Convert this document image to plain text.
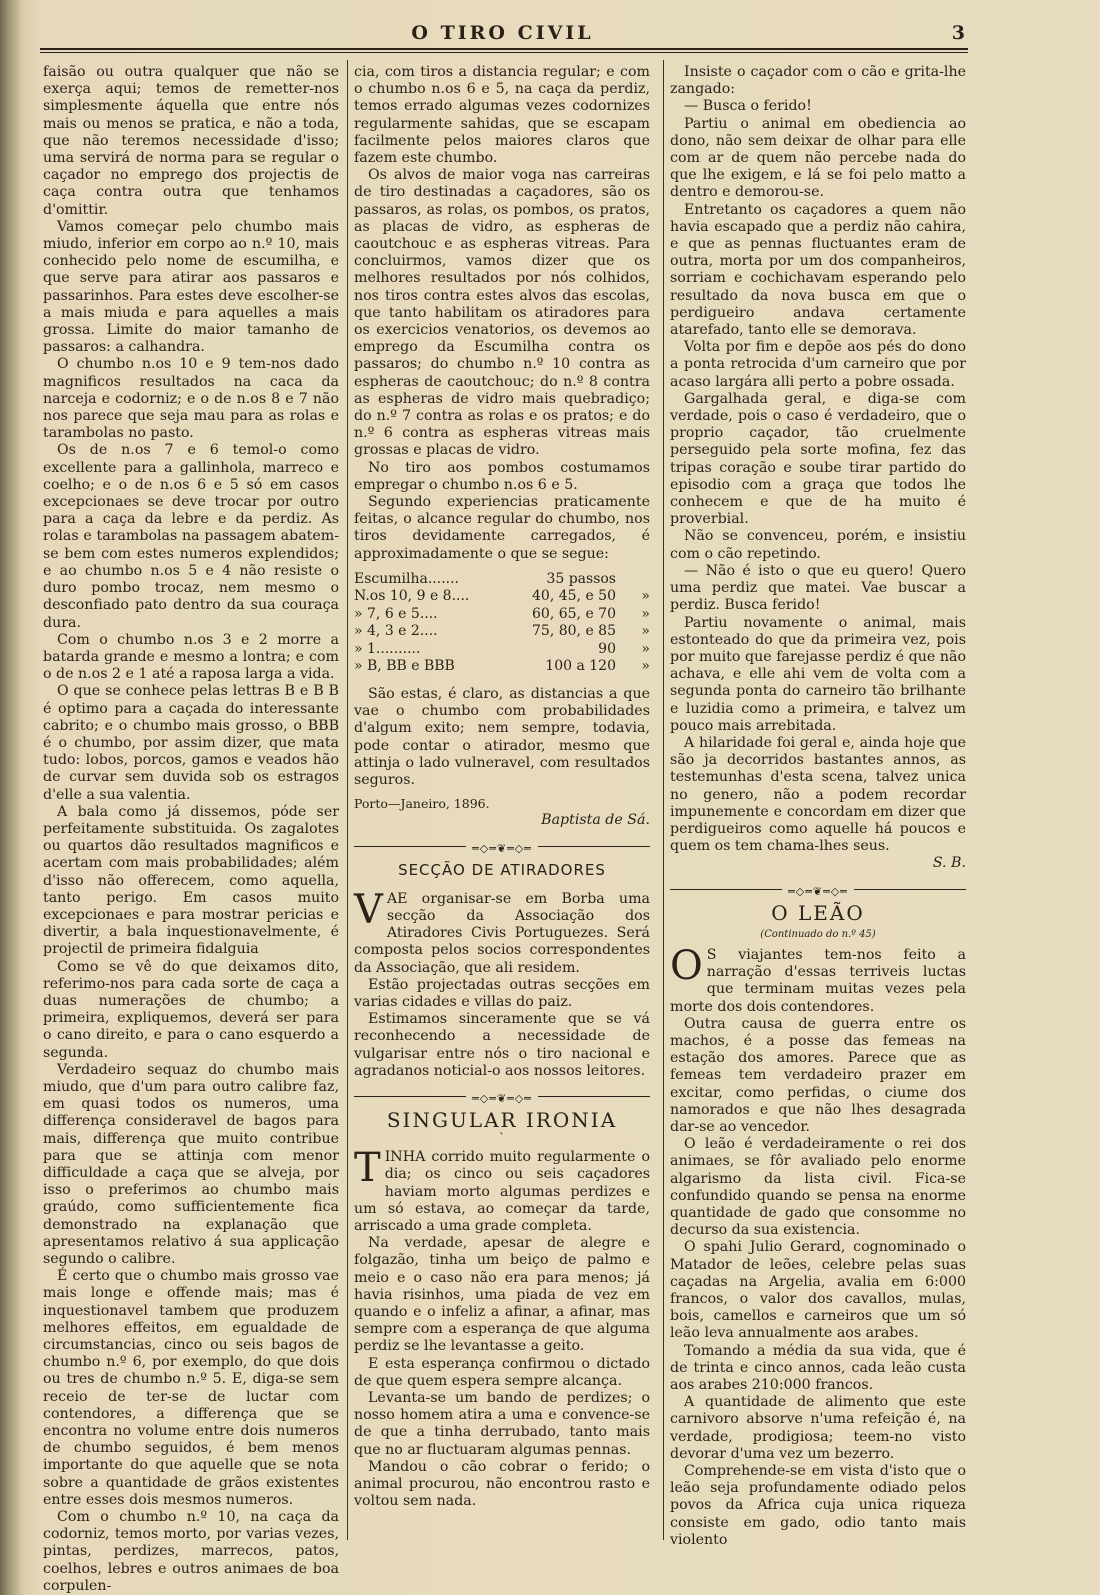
O TIRO CIVIL	3

faisão ou outra qualquer que não se exerça aqui; temos de remetter-nos simplesmente áquella que entre nós mais ou menos se pratica, e não a toda, que não teremos necessidade d'isso; uma servirá de norma para se regular o caçador no emprego dos projectis de caça contra outra que tenhamos d'omittir.

Vamos começar pelo chumbo mais miudo, inferior em corpo ao n.º 10, mais conhecido pelo nome de escumilha, e que serve para atirar aos passaros e passarinhos. Para estes deve escolher-se a mais miuda e para aquelles a mais grossa. Limite do maior tamanho de passaros: a calhandra.

O chumbo n.os 10 e 9 tem-nos dado magnificos resultados na caca da narceja e codorniz; e o de n.os 8 e 7 não nos parece que seja mau para as rolas e tarambolas no pasto.

Os de n.os 7 e 6 temol-o como excellente para a gallinhola, marreco e coelho; e o de n.os 6 e 5 só em casos excepcionaes se deve trocar por outro para a caça da lebre e da perdiz. As rolas e tarambolas na passagem abatem-se bem com estes numeros explendidos; e ao chumbo n.os 5 e 4 não resiste o duro pombo trocaz, nem mesmo o desconfiado pato dentro da sua couraça dura.

Com o chumbo n.os 3 e 2 morre a batarda grande e mesmo a lontra; e com o de n.os 2 e 1 até a raposa larga a vida.

O que se conhece pelas lettras B e B B é optimo para a caçada do interessante cabrito; e o chumbo mais grosso, o BBB é o chumbo, por assim dizer, que mata tudo: lobos, porcos, gamos e veados hão de curvar sem duvida sob os estragos d'elle a sua valentia.

A bala como já dissemos, póde ser perfeitamente substituida. Os zagalotes ou quartos dão resultados magnificos e acertam com mais probabilidades; além d'isso não offerecem, como aquella, tanto perigo. Em casos muito excepcionaes e para mostrar pericias e divertir, a bala inquestionavelmente, é projectil de primeira fidalguia

Como se vê do que deixamos dito, referimo-nos para cada sorte de caça a duas numerações de chumbo; a primeira, expliquemos, deverá ser para o cano direito, e para o cano esquerdo a segunda.

Verdadeiro sequaz do chumbo mais miudo, que d'um para outro calibre faz, em quasi todos os numeros, uma differença consideravel de bagos para mais, differença que muito contribue para que se attinja com menor difficuldade a caça que se alveja, por isso o preferimos ao chumbo mais graúdo, como sufficientemente fica demonstrado na explanação que apresentamos relativo á sua applicação segundo o calibre.

É certo que o chumbo mais grosso vae mais longe e offende mais; mas é inquestionavel tambem que produzem melhores effeitos, em egualdade de circumstancias, cinco ou seis bagos de chumbo n.º 6, por exemplo, do que dois ou tres de chumbo n.º 5. E, diga-se sem receio de ter-se de luctar com contendores, a differença que se encontra no volume entre dois numeros de chumbo seguidos, é bem menos importante do que aquelle que se nota sobre a quantidade de grãos existentes entre esses dois mesmos numeros.

Com o chumbo n.º 10, na caça da codorniz, temos morto, por varias vezes, pintas, perdizes, marrecos, patos, coelhos, lebres e outros animaes de boa corpulen-

cia, com tiros a distancia regular; e com o chumbo n.os 6 e 5, na caça da perdiz, temos errado algumas vezes codornizes regularmente sahidas, que se escapam facilmente pelos maiores claros que fazem este chumbo.

Os alvos de maior voga nas carreiras de tiro destinadas a caçadores, são os passaros, as rolas, os pombos, os pratos, as placas de vidro, as espheras de caoutchouc e as espheras vitreas. Para concluirmos, vamos dizer que os melhores resultados por nós colhidos, nos tiros contra estes alvos das escolas, que tanto habilitam os atiradores para os exercicios venatorios, os devemos ao emprego da Escumilha contra os passaros; do chumbo n.º 10 contra as espheras de caoutchouc; do n.º 8 contra as espheras de vidro mais quebradiço; do n.º 7 contra as rolas e os pratos; e do n.º 6 contra as espheras vitreas mais grossas e placas de vidro.

No tiro aos pombos costumamos empregar o chumbo n.os 6 e 5.

Segundo experiencias praticamente feitas, o alcance regular do chumbo, nos tiros devidamente carregados, é approximadamente o que se segue:

Escumilha.......	35 passos
N.os 10, 9 e 8....	40, 45, e 50	»
» 7, 6 e 5....	60, 65, e 70	»
» 4, 3 e 2....	75, 80, e 85	»
» 1..........	90	»
» B, BB e BBB	100 a 120	»

São estas, é claro, as distancias a que vae o chumbo com probabilidades d'algum exito; nem sempre, todavia, pode contar o atirador, mesmo que attinja o lado vulneravel, com resultados seguros.

Porto—Janeiro, 1896.

Baptista de Sá.

═◇═❦═◇═
SECÇÃO DE ATIRADORES

VAE organisar-se em Borba uma secção da Associação dos Atiradores Civis Portuguezes. Será composta pelos socios correspondentes da Associação, que ali residem.

Estão projectadas outras secções em varias cidades e villas do paiz.

Estimamos sinceramente que se vá reconhecendo a necessidade de vulgarisar entre nós o tiro nacional e agradanos noticial-o aos nossos leitores.

═◇═❦═◇═
SINGULAR IRONIA
ˋ

TINHA corrido muito regularmente o dia; os cinco ou seis caçadores haviam morto algumas perdizes e um só estava, ao começar da tarde, arriscado a uma grade completa.

Na verdade, apesar de alegre e folgazão, tinha um beiço de palmo e meio e o caso não era para menos; já havia risinhos, uma piada de vez em quando e o infeliz a afinar, a afinar, mas sempre com a esperança de que alguma perdiz se lhe levantasse a geito.

E esta esperança confirmou o dictado de que quem espera sempre alcança.

Levanta-se um bando de perdizes; o nosso homem atira a uma e convence-se de que a tinha derrubado, tanto mais que no ar fluctuaram algumas pennas.

Mandou o cão cobrar o ferido; o animal procurou, não encontrou rasto e voltou sem nada.

Insiste o caçador com o cão e grita-lhe zangado:

— Busca o ferido!

Partiu o animal em obediencia ao dono, não sem deixar de olhar para elle com ar de quem não percebe nada do que lhe exigem, e lá se foi pelo matto a dentro e demorou-se.

Entretanto os caçadores a quem não havia escapado que a perdiz não cahira, e que as pennas fluctuantes eram de outra, morta por um dos companheiros, sorriam e cochichavam esperando pelo resultado da nova busca em que o perdigueiro andava certamente atarefado, tanto elle se demorava.

Volta por fim e depõe aos pés do dono a ponta retrocida d'um carneiro que por acaso largára alli perto a pobre ossada.

Gargalhada geral, e diga-se com verdade, pois o caso é verdadeiro, que o proprio caçador, tão cruelmente perseguido pela sorte mofina, fez das tripas coração e soube tirar partido do episodio com a graça que todos lhe conhecem e que de ha muito é proverbial.

Não se convenceu, porém, e insistiu com o cão repetindo.

— Não é isto o que eu quero! Quero uma perdiz que matei. Vae buscar a perdiz. Busca ferido!

Partiu novamente o animal, mais estonteado do que da primeira vez, pois por muito que farejasse perdiz é que não achava, e elle ahi vem de volta com a segunda ponta do carneiro tão brilhante e luzidia como a primeira, e talvez um pouco mais arrebitada.

A hilaridade foi geral e, ainda hoje que são ja decorridos bastantes annos, as testemunhas d'esta scena, talvez unica no genero, não a podem recordar impunemente e concordam em dizer que perdigueiros como aquelle há poucos e quem os tem chama-lhes seus.

S. B.

═◇═❦═◇═
O LEÃO
(Continuado do n.º 45)

O S viajantes tem-nos feito a narração d'essas terriveis luctas que terminam muitas vezes pela morte dos dois contendores.

Outra causa de guerra entre os machos, é a posse das femeas na estação dos amores. Parece que as femeas tem verdadeiro prazer em excitar, como perfidas, o ciume dos namorados e que não lhes desagrada dar-se ao vencedor.

O leão é verdadeiramente o rei dos animaes, se fôr avaliado pelo enorme algarismo da lista civil. Fica-se confundido quando se pensa na enorme quantidade de gado que consomme no decurso da sua existencia.

O spahi Julio Gerard, cognominado o Matador de leões, celebre pelas suas caçadas na Argelia, avalia em 6:000 francos, o valor dos cavallos, mulas, bois, camellos e carneiros que um só leão leva annualmente aos arabes.

Tomando a média da sua vida, que é de trinta e cinco annos, cada leão custa aos arabes 210:000 francos.

A quantidade de alimento que este carnivoro absorve n'uma refeição é, na verdade, prodigiosa; teem-no visto devorar d'uma vez um bezerro.

Comprehende-se em vista d'isto que o leão seja profundamente odiado pelos povos da Africa cuja unica riqueza consiste em gado, odio tanto mais violento
